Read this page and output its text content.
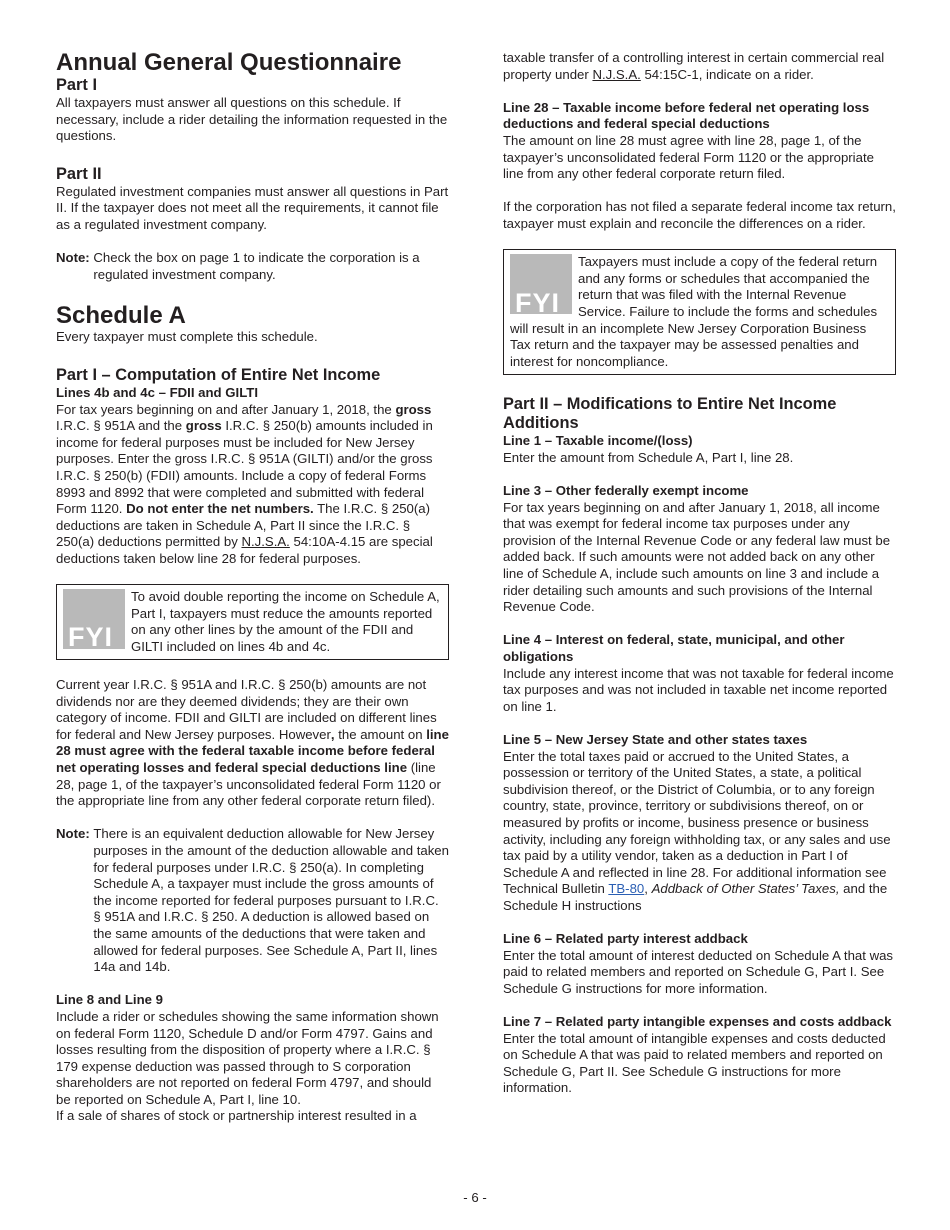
Annual General Questionnaire
Part I

All taxpayers must answer all questions on this schedule. If necessary, include a rider detailing the information requested in the questions.

Part II

Regulated investment companies must answer all questions in Part II. If the taxpayer does not meet all the requirements, it cannot file as a regulated investment company.

Note:
Check the box on page 1 to indicate the corporation is a regulated investment company.
Schedule A

Every taxpayer must complete this schedule.

Part I – Computation of Entire Net Income
Lines 4b and 4c – FDII and GILTI

For tax years beginning on and after January 1, 2018, the gross I.R.C. § 951A and the gross I.R.C. § 250(b) amounts included in income for federal purposes must be included for New Jersey purposes. Enter the gross I.R.C. § 951A (GILTI) and/or the gross I.R.C. § 250(b) (FDII) amounts. Include a copy of federal Forms 8993 and 8992 that were completed and submitted with federal Form 1120. Do not enter the net numbers. The I.R.C. § 250(a) deductions are taken in Schedule A, Part II since the I.R.C. § 250(a) deductions permitted by N.J.S.A. 54:10A-4.15 are special deductions taken below line 28 for federal purposes.

FYI

To avoid double reporting the income on Schedule A, Part I, taxpayers must reduce the amounts reported on any other lines by the amount of the FDII and GILTI included on lines 4b and 4c.

Current year I.R.C. § 951A and I.R.C. § 250(b) amounts are not dividends nor are they deemed dividends; they are their own category of income. FDII and GILTI are included on different lines for federal and New Jersey purposes. However, the amount on line 28 must agree with the federal taxable income before federal net operating losses and federal special deductions line (line 28, page 1, of the taxpayer’s unconsolidated federal Form 1120 or the appropriate line from any other federal corporate return filed).

Note : There is an equivalent deduction allowable for New Jersey purposes in the amount of the deduction allowable and taken for federal purposes under I.R.C. § 250(a). In completing Schedule A, a taxpayer must include the gross amounts of the income reported for federal purposes pursuant to I.R.C. § 951A and I.R.C. § 250. A deduction is allowed based on the same amounts of the deductions that were taken and allowed for federal purposes. See Schedule A, Part II, lines 14a and 14b.
Line 8 and Line 9

Include a rider or schedules showing the same information shown on federal Form 1120, Schedule D and/or Form 4797. Gains and losses resulting from the disposition of property where a I.R.C. § 179 expense deduction was passed through to S corporation shareholders are not reported on federal Form 4797, and should be reported on Schedule A, Part I, line 10.

If a sale of shares of stock or partnership interest resulted in a

taxable transfer of a controlling interest in certain commercial real property under N.J.S.A. 54:15C-1, indicate on a rider.

Line 28 – Taxable income before federal net operating loss deductions and federal special deductions

The amount on line 28 must agree with line 28, page 1, of the taxpayer’s unconsolidated federal Form 1120 or the appropriate line from any other federal corporate return filed.

If the corporation has not filed a separate federal income tax return, taxpayer must explain and reconcile the differences on a rider.

FYI

Taxpayers must include a copy of the federal return and any forms or schedules that accompanied the return that was filed with the Internal Revenue Service. Failure to include the forms and schedules will result in an incomplete New Jersey Corporation Business Tax return and the taxpayer may be assessed penalties and interest for noncompliance.

Part II – Modifications to Entire Net Income
Additions
Line 1 – Taxable income/(loss)

Enter the amount from Schedule A, Part I, line 28.

Line 3 – Other federally exempt income

For tax years beginning on and after January 1, 2018, all income that was exempt for federal income tax purposes under any provision of the Internal Revenue Code or any federal law must be added back. If such amounts were not added back on any other line of Schedule A, include such amounts on line 3 and include a rider detailing such amounts and such provisions of the Internal Revenue Code.

Line 4 – Interest on federal, state, municipal, and other obligations

Include any interest income that was not taxable for federal income tax purposes and was not included in taxable net income reported on line 1.

Line 5 – New Jersey State and other states taxes

Enter the total taxes paid or accrued to the United States, a possession or territory of the United States, a state, a political subdivision thereof, or the District of Columbia, or to any foreign country, state, province, territory or subdivisions thereof, on or measured by profits or income, business presence or business activity, including any foreign withholding tax, or any sales and use tax paid by a utility vendor, taken as a deduction in Part I of Schedule A and reflected in line 28. For additional information see Technical Bulletin TB-80, Addback of Other States’ Taxes, and the Schedule H instructions

Line 6 – Related party interest addback

Enter the total amount of interest deducted on Schedule A that was paid to related members and reported on Schedule G, Part I. See Schedule G instructions for more information.

Line 7 – Related party intangible expenses and costs addback

Enter the total amount of intangible expenses and costs deducted on Schedule A that was paid to related members and reported on Schedule G, Part II. See Schedule G instructions for more information.

- 6 -
